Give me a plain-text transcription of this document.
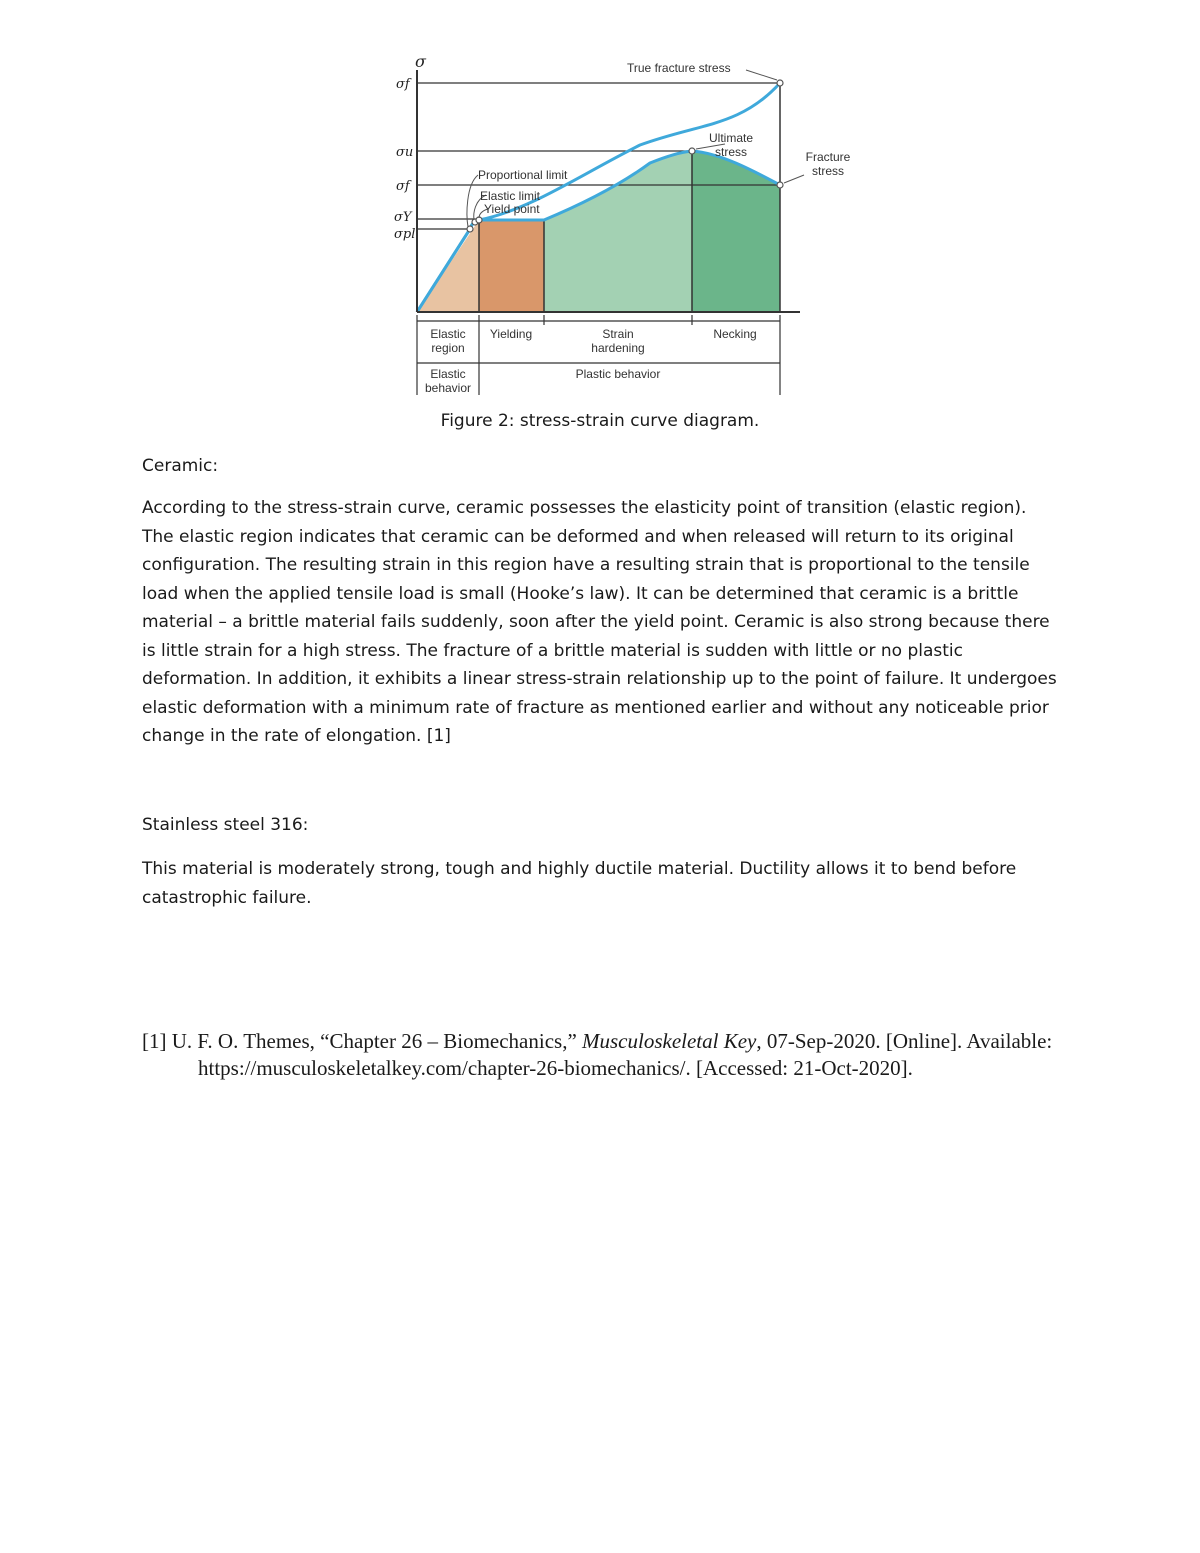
σ
σf
σu
σf
σY
σpl
True fracture stress
Ultimate
stress	Fracture
stress
Proportional limit
Elastic limit
Yield point
Elastic
region
Yielding	Strain
hardening
Necking
Elastic
behavior
Plastic behavior
Figure 2: stress-strain curve diagram.
Ceramic:
According to the stress-strain curve, ceramic possesses the elasticity point of transition (elastic region). The elastic region indicates that ceramic can be deformed and when released will return to its original configuration. The resulting strain in this region have a resulting strain that is proportional to the tensile load when the applied tensile load is small (Hooke’s law). It can be determined that ceramic is a brittle material – a brittle material fails suddenly, soon after the yield point. Ceramic is also strong because there is little strain for a high stress. The fracture of a brittle material is sudden with little or no plastic deformation. In addition, it exhibits a linear stress-strain relationship up to the point of failure. It undergoes elastic deformation with a minimum rate of fracture as mentioned earlier and without any noticeable prior change in the rate of elongation. [1]
Stainless steel 316:
This material is moderately strong, tough and highly ductile material. Ductility allows it to bend before catastrophic failure.
[1] U. F. O. Themes, “Chapter 26 – Biomechanics,” Musculoskeletal Key, 07-Sep-2020. [Online]. Available: https://musculoskeletalkey.com/chapter-26-biomechanics/. [Accessed: 21-Oct-2020].
